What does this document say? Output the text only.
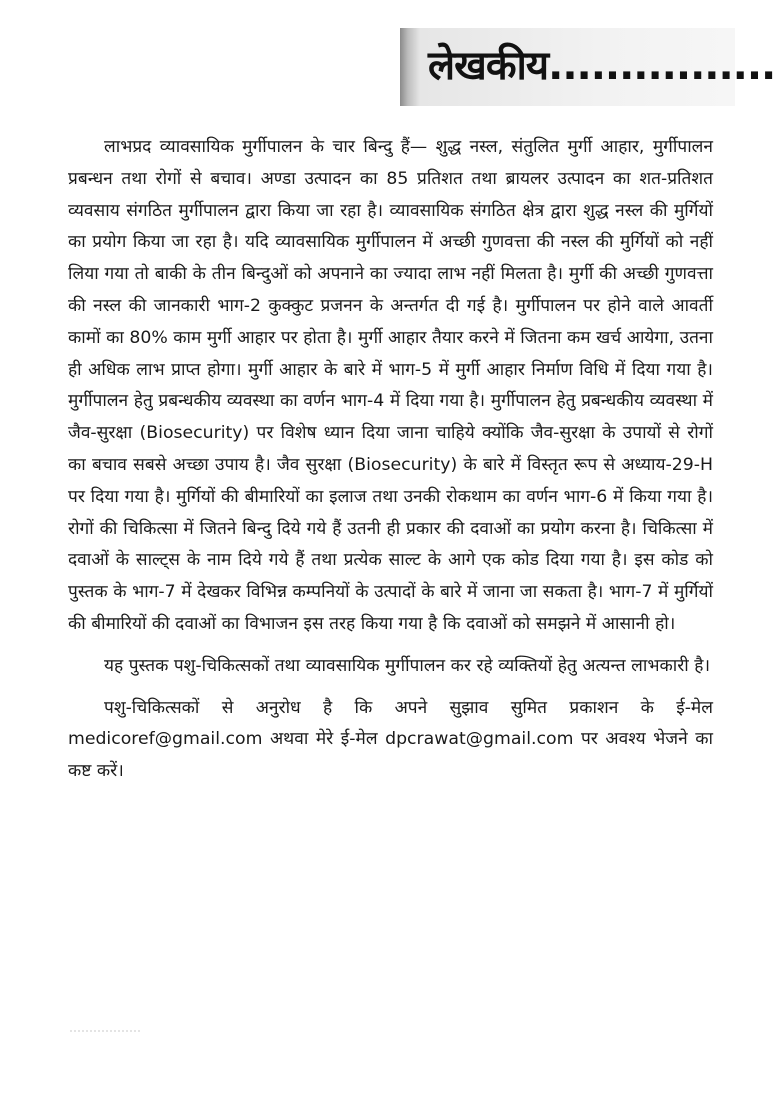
लेखकीय................

लाभप्रद व्यावसायिक मुर्गीपालन के चार बिन्दु हैं— शुद्ध नस्ल, संतुलित मुर्गी आहार, मुर्गीपालन प्रबन्धन तथा रोगों से बचाव। अण्डा उत्पादन का 85 प्रतिशत तथा ब्रायलर उत्पादन का शत-प्रतिशत व्यवसाय संगठित मुर्गीपालन द्वारा किया जा रहा है। व्यावसायिक संगठित क्षेत्र द्वारा शुद्ध नस्ल की मुर्गियों का प्रयोग किया जा रहा है। यदि व्यावसायिक मुर्गीपालन में अच्छी गुणवत्ता की नस्ल की मुर्गियों को नहीं लिया गया तो बाकी के तीन बिन्दुओं को अपनाने का ज्यादा लाभ नहीं मिलता है। मुर्गी की अच्छी गुणवत्ता की नस्ल की जानकारी भाग-2 कुक्कुट प्रजनन के अन्तर्गत दी गई है। मुर्गीपालन पर होने वाले आवर्ती कामों का 80% काम मुर्गी आहार पर होता है। मुर्गी आहार तैयार करने में जितना कम खर्च आयेगा, उतना ही अधिक लाभ प्राप्त होगा। मुर्गी आहार के बारे में भाग-5 में मुर्गी आहार निर्माण विधि में दिया गया है। मुर्गीपालन हेतु प्रबन्धकीय व्यवस्था का वर्णन भाग-4 में दिया गया है। मुर्गीपालन हेतु प्रबन्धकीय व्यवस्था में जैव-सुरक्षा (Biosecurity) पर विशेष ध्यान दिया जाना चाहिये क्योंकि जैव-सुरक्षा के उपायों से रोगों का बचाव सबसे अच्छा उपाय है। जैव सुरक्षा (Biosecurity) के बारे में विस्तृत रूप से अध्याय-29-H पर दिया गया है। मुर्गियों की बीमारियों का इलाज तथा उनकी रोकथाम का वर्णन भाग-6 में किया गया है। रोगों की चिकित्सा में जितने बिन्दु दिये गये हैं उतनी ही प्रकार की दवाओं का प्रयोग करना है। चिकित्सा में दवाओं के साल्ट्स के नाम दिये गये हैं तथा प्रत्येक साल्ट के आगे एक कोड दिया गया है। इस कोड को पुस्तक के भाग-7 में देखकर विभिन्न कम्पनियों के उत्पादों के बारे में जाना जा सकता है। भाग-7 में मुर्गियों की बीमारियों की दवाओं का विभाजन इस तरह किया गया है कि दवाओं को समझने में आसानी हो।

यह पुस्तक पशु-चिकित्सकों तथा व्यावसायिक मुर्गीपालन कर रहे व्यक्तियों हेतु अत्यन्त लाभकारी है।

पशु-चिकित्सकों से अनुरोध है कि अपने सुझाव सुमित प्रकाशन के ई-मेल medicoref@gmail.com अथवा मेरे ई-मेल dpcrawat@gmail.com पर अवश्य भेजने का कष्ट करें।
